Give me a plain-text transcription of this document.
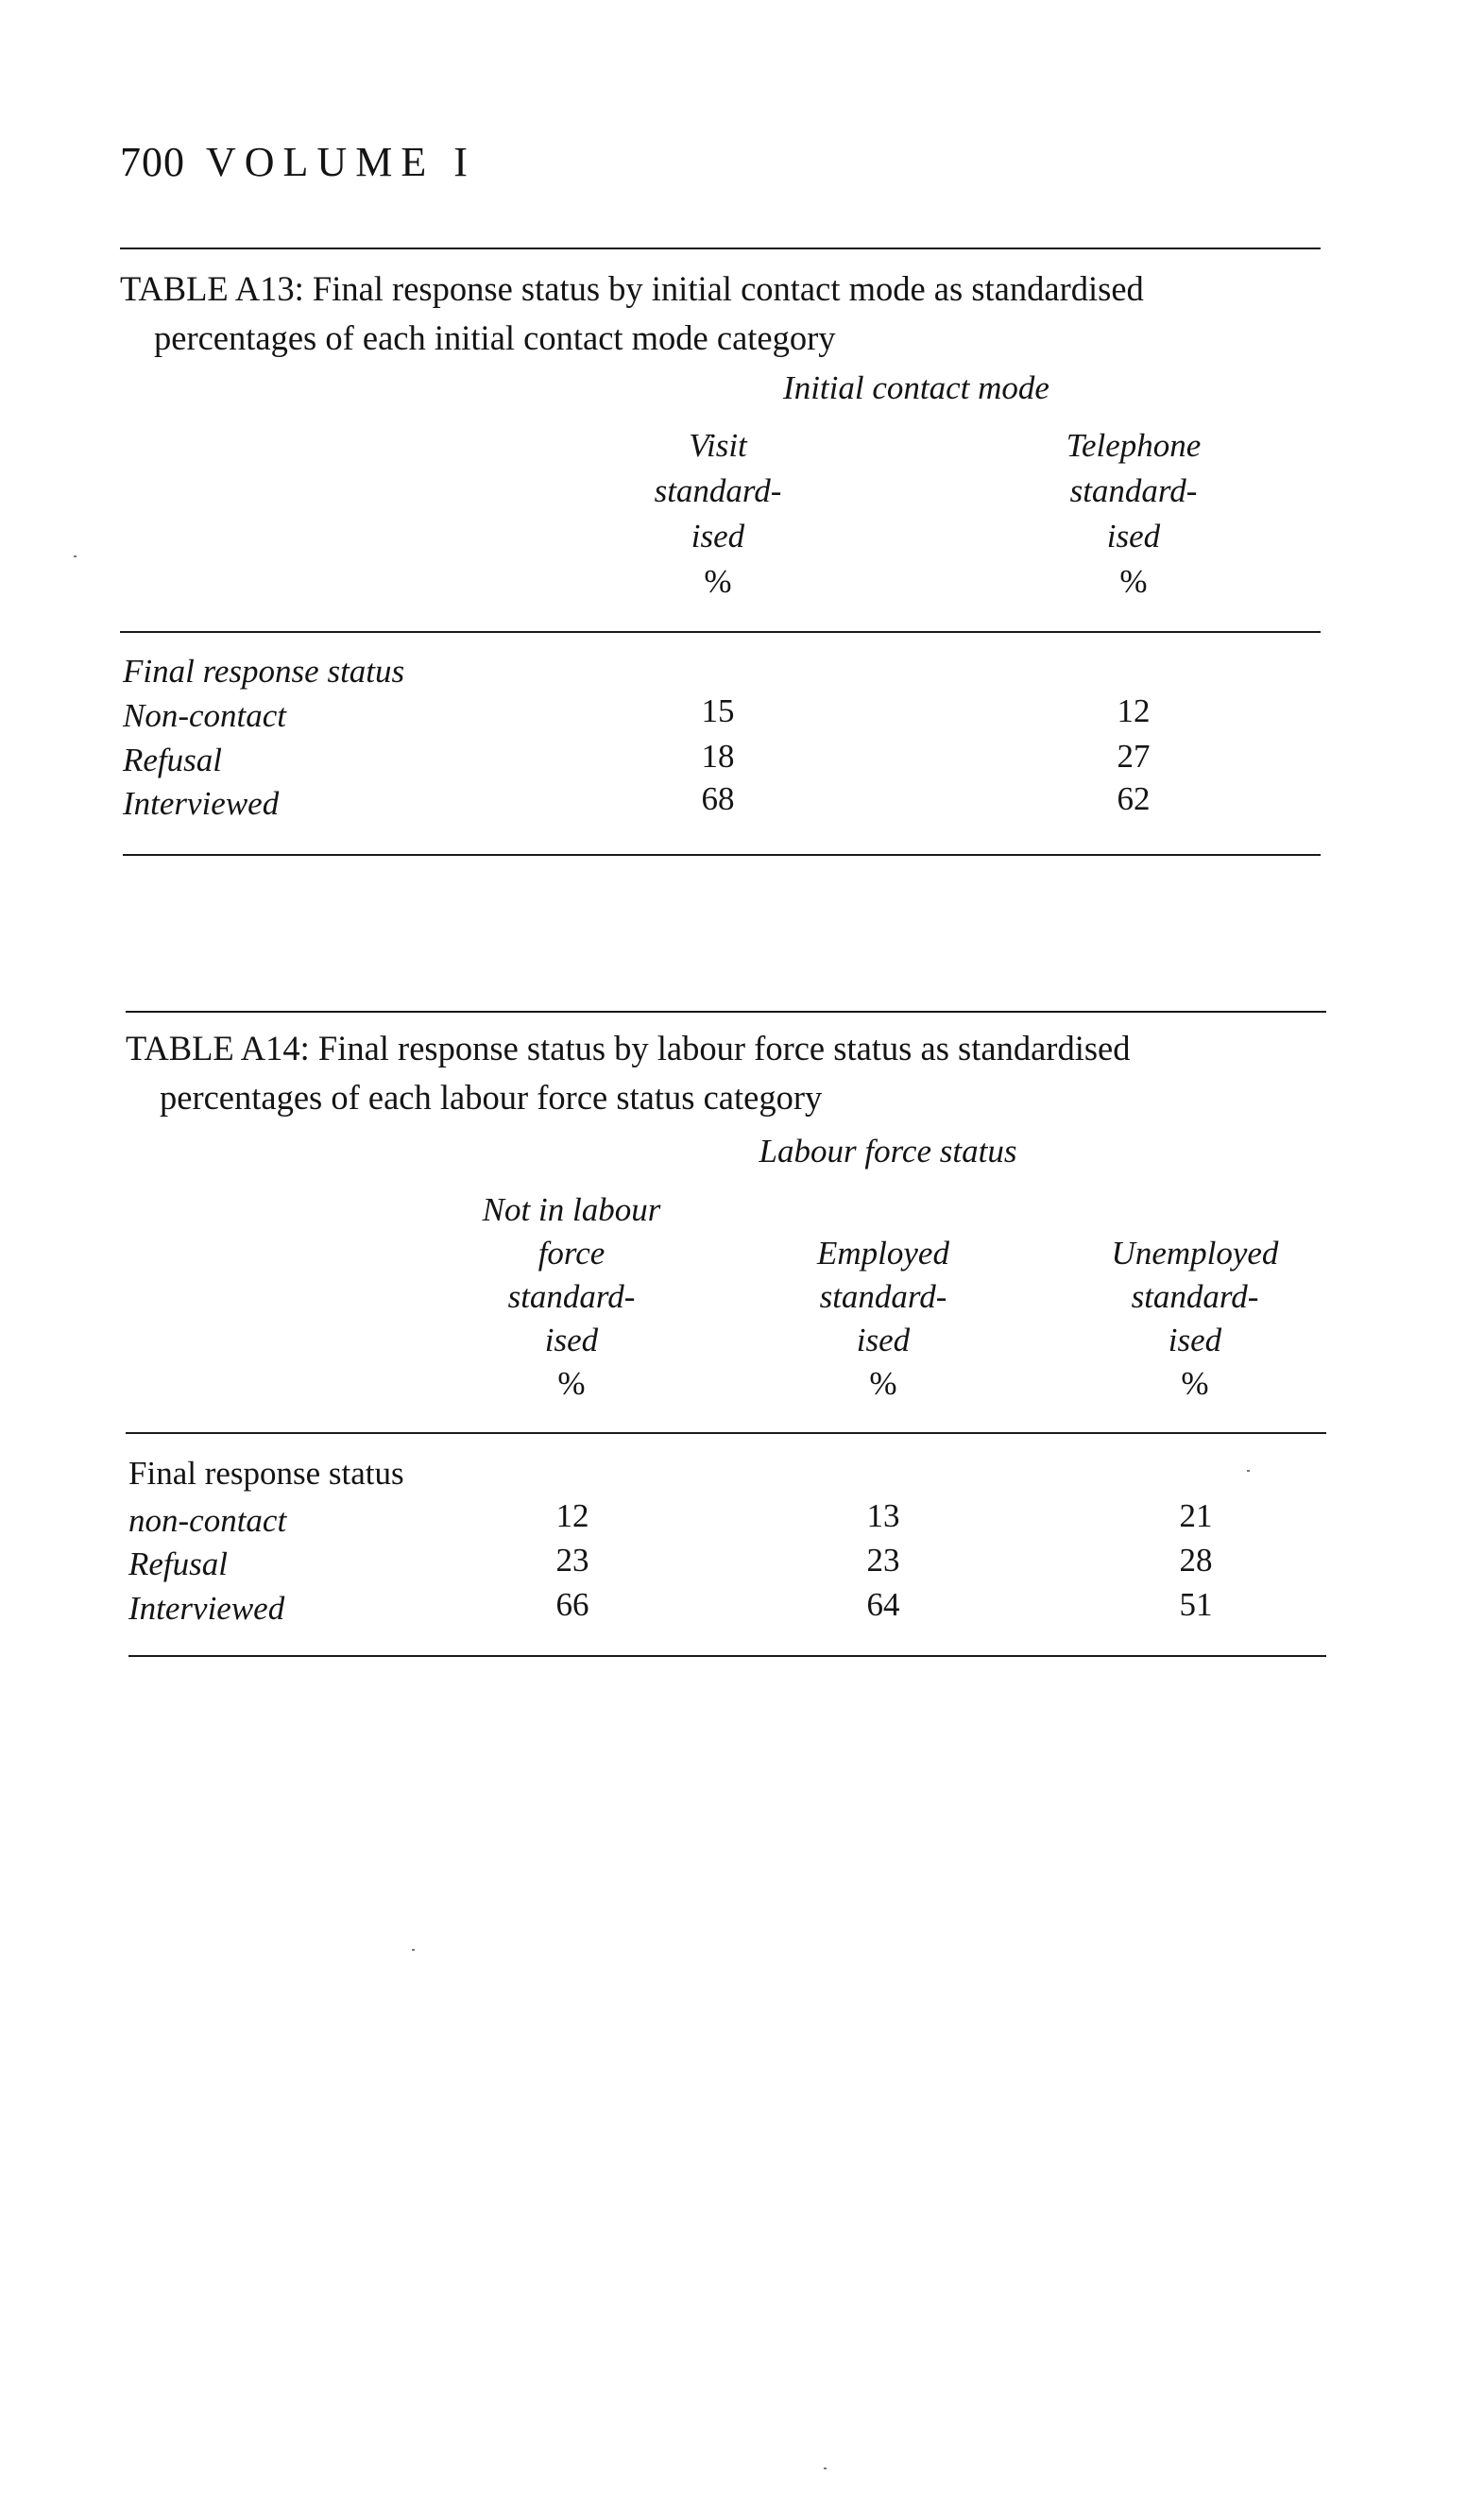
700 VOLUME I
TABLE A13: Final response status by initial contact mode as standardised
percentages of each initial contact mode category
Initial contact mode
Visit
standard-
ised
%
Telephone
standard-
ised
%
Final response status
Non-contact	15	12
Refusal	18	27
Interviewed	68	62
TABLE A14: Final response status by labour force status as standardised
percentages of each labour force status category
Labour force status
Not in labour
force
standard-
ised
%
Employed
standard-
ised
%
Unemployed
standard-
ised
%
Final response status
non-contact	12	13	21
Refusal	23	23	28
Interviewed	66	64	51
